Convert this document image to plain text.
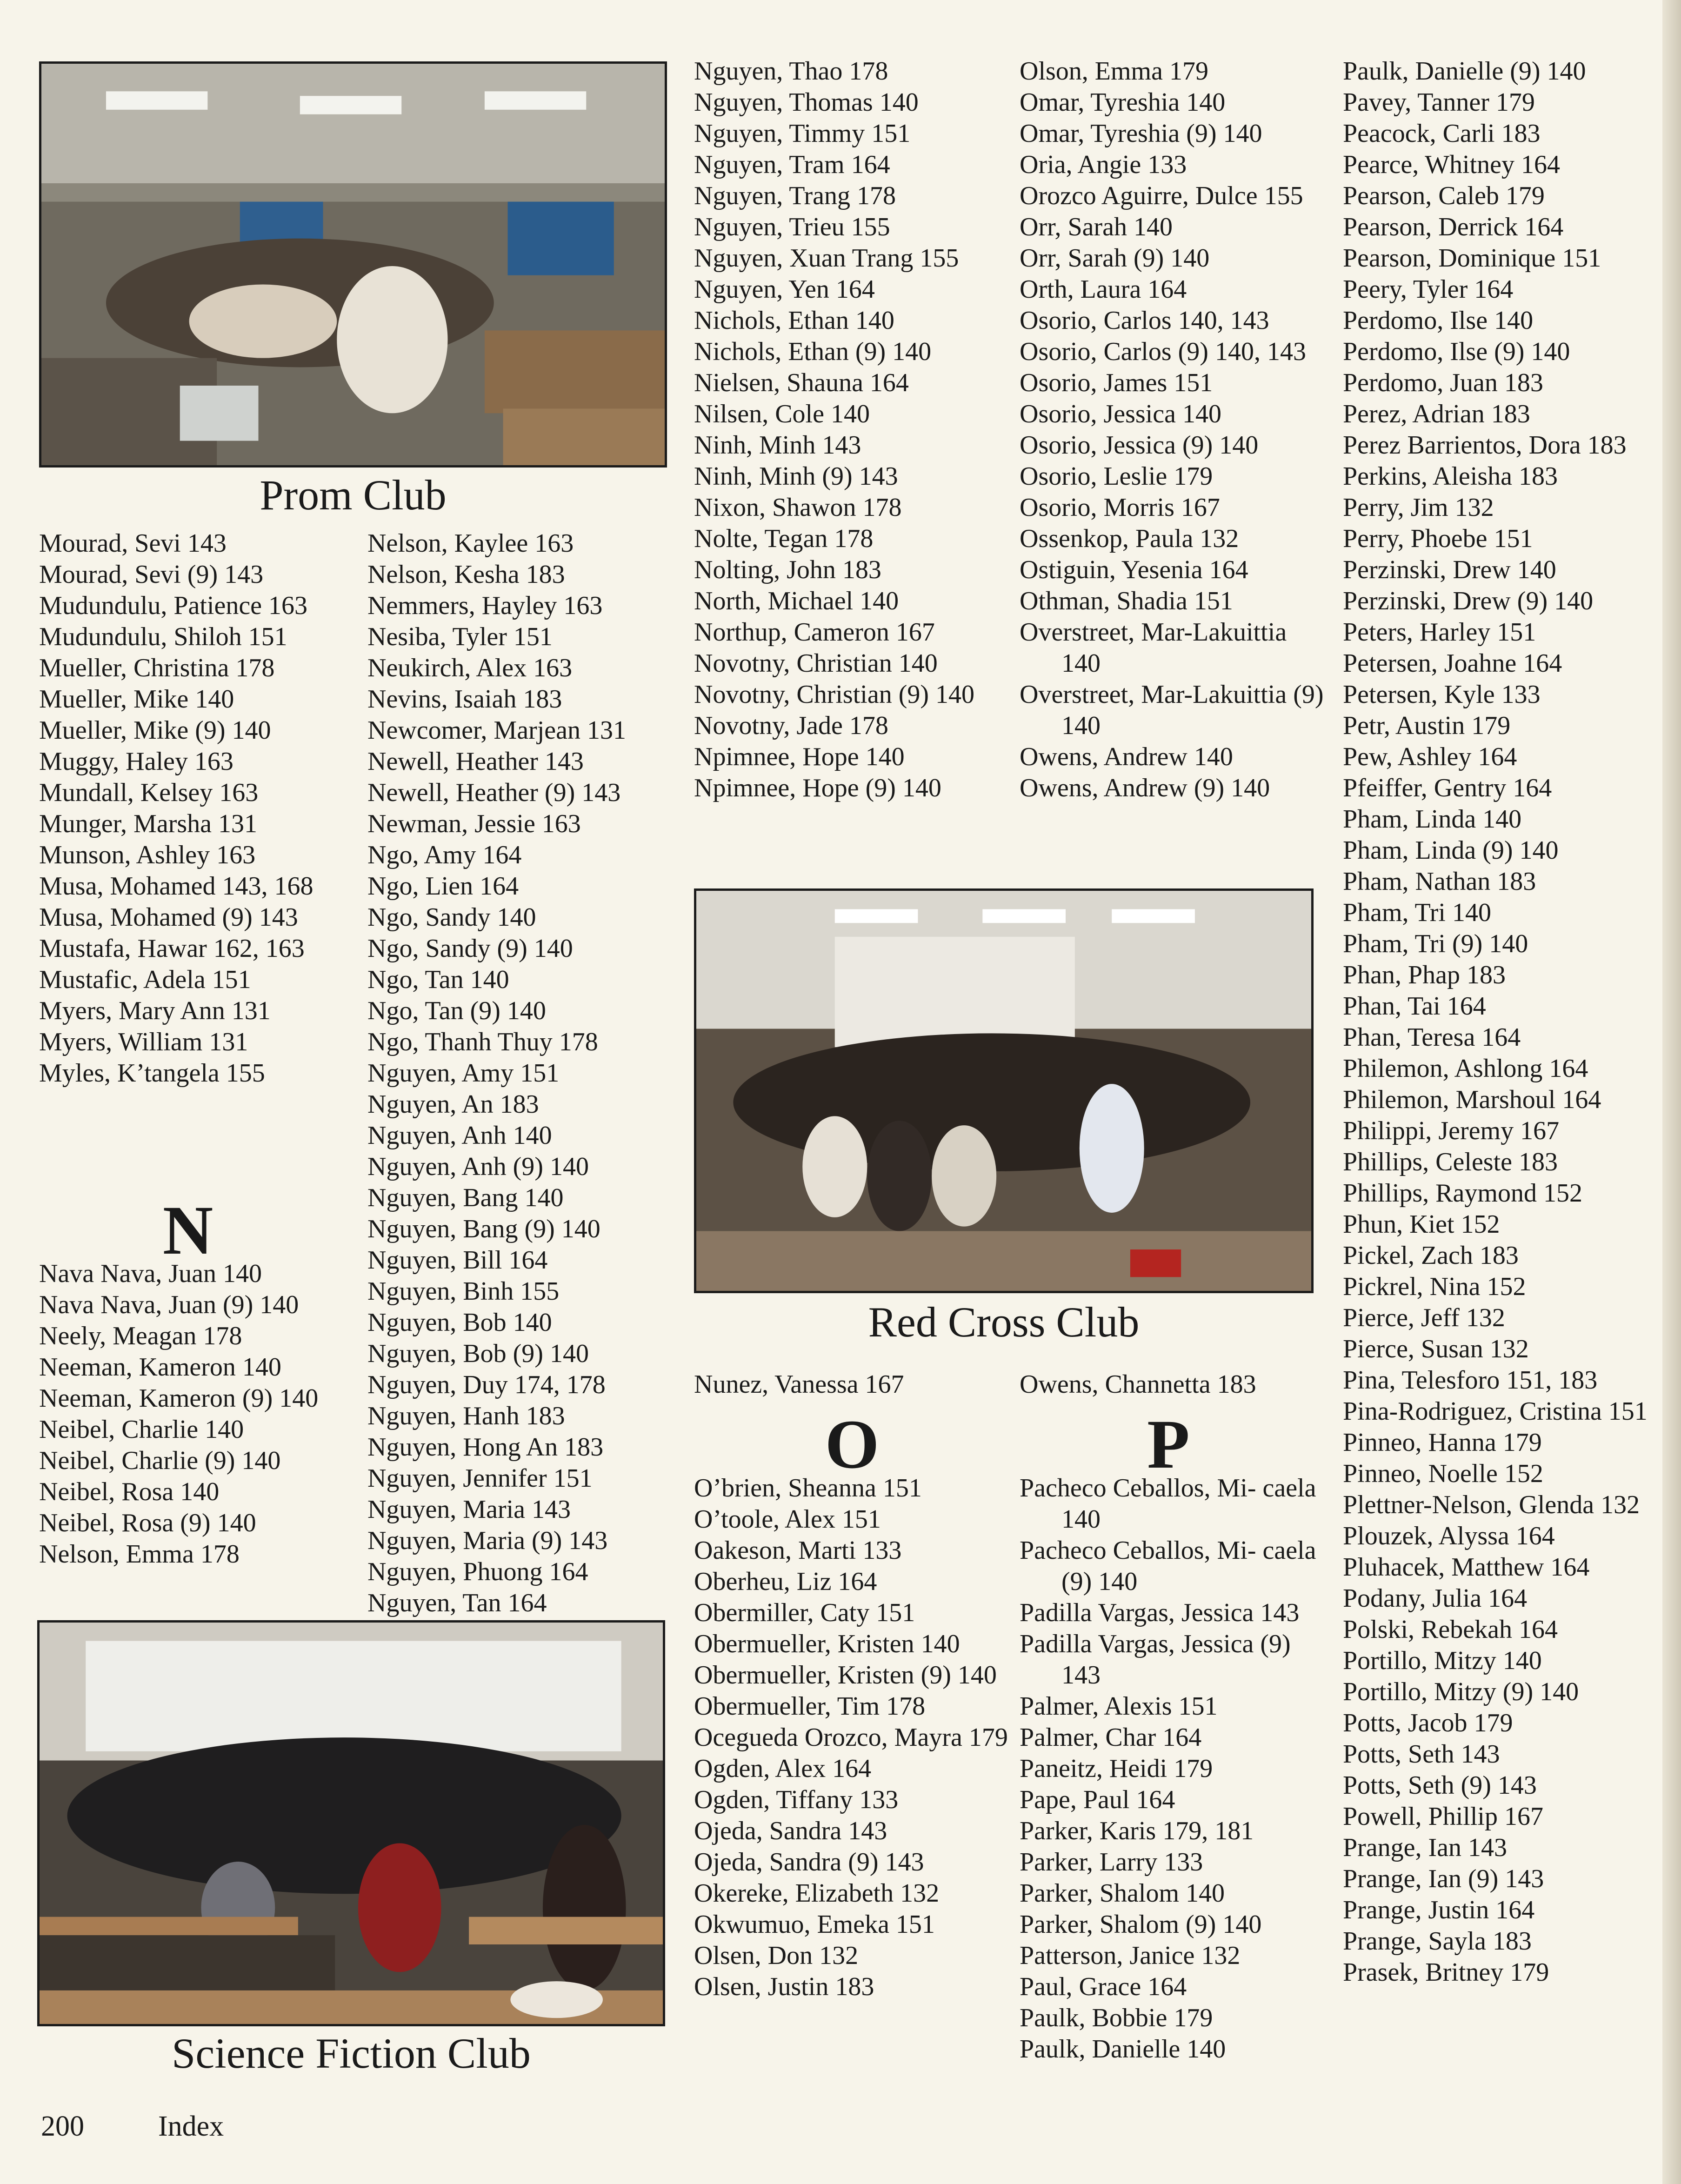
Prom Club
Mourad, Sevi 143
Mourad, Sevi (9) 143
Mudundulu, Patience 163
Mudundulu, Shiloh 151
Mueller, Christina 178
Mueller, Mike 140
Mueller, Mike (9) 140
Muggy, Haley 163
Mundall, Kelsey 163
Munger, Marsha 131
Munson, Ashley 163
Musa, Mohamed 143, 168
Musa, Mohamed (9) 143
Mustafa, Hawar 162, 163
Mustafic, Adela 151
Myers, Mary Ann 131
Myers, William 131
Myles, K’tangela 155
N
Nava Nava, Juan 140
Nava Nava, Juan (9) 140
Neely, Meagan 178
Neeman, Kameron 140
Neeman, Kameron (9) 140
Neibel, Charlie 140
Neibel, Charlie (9) 140
Neibel, Rosa 140
Neibel, Rosa (9) 140
Nelson, Emma 178
Nelson, Kaylee 163
Nelson, Kesha 183
Nemmers, Hayley 163
Nesiba, Tyler 151
Neukirch, Alex 163
Nevins, Isaiah 183
Newcomer, Marjean 131
Newell, Heather 143
Newell, Heather (9) 143
Newman, Jessie 163
Ngo, Amy 164
Ngo, Lien 164
Ngo, Sandy 140
Ngo, Sandy (9) 140
Ngo, Tan 140
Ngo, Tan (9) 140
Ngo, Thanh Thuy 178
Nguyen, Amy 151
Nguyen, An 183
Nguyen, Anh 140
Nguyen, Anh (9) 140
Nguyen, Bang 140
Nguyen, Bang (9) 140
Nguyen, Bill 164
Nguyen, Binh 155
Nguyen, Bob 140
Nguyen, Bob (9) 140
Nguyen, Duy 174, 178
Nguyen, Hanh 183
Nguyen, Hong An 183
Nguyen, Jennifer 151
Nguyen, Maria 143
Nguyen, Maria (9) 143
Nguyen, Phuong 164
Nguyen, Tan 164
Science Fiction Club
Nguyen, Thao 178
Nguyen, Thomas 140
Nguyen, Timmy 151
Nguyen, Tram 164
Nguyen, Trang 178
Nguyen, Trieu 155
Nguyen, Xuan Trang 155
Nguyen, Yen 164
Nichols, Ethan 140
Nichols, Ethan (9) 140
Nielsen, Shauna 164
Nilsen, Cole 140
Ninh, Minh 143
Ninh, Minh (9) 143
Nixon, Shawon 178
Nolte, Tegan 178
Nolting, John 183
North, Michael 140
Northup, Cameron 167
Novotny, Christian 140
Novotny, Christian (9) 140
Novotny, Jade 178
Npimnee, Hope 140
Npimnee, Hope (9) 140
Olson, Emma 179
Omar, Tyreshia 140
Omar, Tyreshia (9) 140
Oria, Angie 133
Orozco Aguirre, Dulce 155
Orr, Sarah 140
Orr, Sarah (9) 140
Orth, Laura 164
Osorio, Carlos 140, 143
Osorio, Carlos (9) 140, 143
Osorio, James 151
Osorio, Jessica 140
Osorio, Jessica (9) 140
Osorio, Leslie 179
Osorio, Morris 167
Ossenkop, Paula 132
Ostiguin, Yesenia 164
Othman, Shadia 151
Overstreet, Mar-Lakuittia 140
Overstreet, Mar-Lakuittia (9) 140
Owens, Andrew 140
Owens, Andrew (9) 140
Red Cross Club
Nunez, Vanessa 167
O
O’brien, Sheanna 151
O’toole, Alex 151
Oakeson, Marti 133
Oberheu, Liz 164
Obermiller, Caty 151
Obermueller, Kristen 140
Obermueller, Kristen (9) 140
Obermueller, Tim 178
Ocegueda Orozco, Mayra 179
Ogden, Alex 164
Ogden, Tiffany 133
Ojeda, Sandra 143
Ojeda, Sandra (9) 143
Okereke, Elizabeth 132
Okwumuo, Emeka 151
Olsen, Don 132
Olsen, Justin 183
Owens, Channetta 183
P
Pacheco Ceballos, Mi- caela 140
Pacheco Ceballos, Mi- caela (9) 140
Padilla Vargas, Jessica 143
Padilla Vargas, Jessica (9) 143
Palmer, Alexis 151
Palmer, Char 164
Paneitz, Heidi 179
Pape, Paul 164
Parker, Karis 179, 181
Parker, Larry 133
Parker, Shalom 140
Parker, Shalom (9) 140
Patterson, Janice 132
Paul, Grace 164
Paulk, Bobbie 179
Paulk, Danielle 140
Paulk, Danielle (9) 140
Pavey, Tanner 179
Peacock, Carli 183
Pearce, Whitney 164
Pearson, Caleb 179
Pearson, Derrick 164
Pearson, Dominique 151
Peery, Tyler 164
Perdomo, Ilse 140
Perdomo, Ilse (9) 140
Perdomo, Juan 183
Perez, Adrian 183
Perez Barrientos, Dora 183
Perkins, Aleisha 183
Perry, Jim 132
Perry, Phoebe 151
Perzinski, Drew 140
Perzinski, Drew (9) 140
Peters, Harley 151
Petersen, Joahne 164
Petersen, Kyle 133
Petr, Austin 179
Pew, Ashley 164
Pfeiffer, Gentry 164
Pham, Linda 140
Pham, Linda (9) 140
Pham, Nathan 183
Pham, Tri 140
Pham, Tri (9) 140
Phan, Phap 183
Phan, Tai 164
Phan, Teresa 164
Philemon, Ashlong 164
Philemon, Marshoul 164
Philippi, Jeremy 167
Phillips, Celeste 183
Phillips, Raymond 152
Phun, Kiet 152
Pickel, Zach 183
Pickrel, Nina 152
Pierce, Jeff 132
Pierce, Susan 132
Pina, Telesforo 151, 183
Pina-Rodriguez, Cristina 151
Pinneo, Hanna 179
Pinneo, Noelle 152
Plettner-Nelson, Glenda 132
Plouzek, Alyssa 164
Pluhacek, Matthew 164
Podany, Julia 164
Polski, Rebekah 164
Portillo, Mitzy 140
Portillo, Mitzy (9) 140
Potts, Jacob 179
Potts, Seth 143
Potts, Seth (9) 143
Powell, Phillip 167
Prange, Ian 143
Prange, Ian (9) 143
Prange, Justin 164
Prange, Sayla 183
Prasek, Britney 179
200	Index
